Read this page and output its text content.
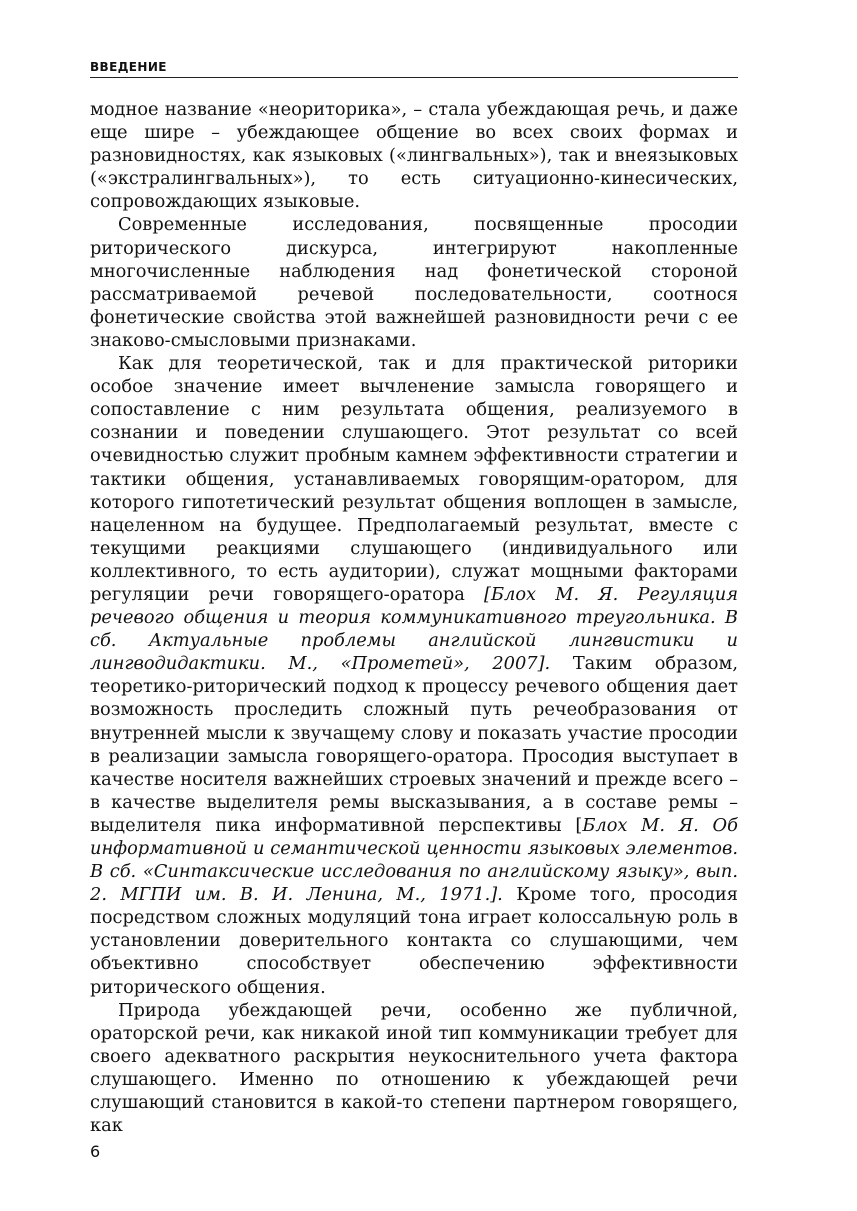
ВВЕДЕНИЕ

модное название «неориторика», – стала убеждающая речь, и даже еще шире – убеждающее общение во всех своих формах и разновидностях, как языковых («лингвальных»), так и внеязыковых («экстралингвальных»), то есть ситуационно-кинесических, сопровождающих языковые.

Современные исследования, посвященные просодии риторического дискурса, интегрируют накопленные многочисленные наблюдения над фонетической стороной рассматриваемой речевой последовательности, соотнося фонетические свойства этой важнейшей разновидности речи с ее знаково-смысловыми признаками.

Как для теоретической, так и для практической риторики особое значение имеет вычленение замысла говорящего и сопоставление с ним результата общения, реализуемого в сознании и поведении слушающего. Этот результат со всей очевидностью служит пробным камнем эффективности стратегии и тактики общения, устанавливаемых говорящим-оратором, для которого гипотетический результат общения воплощен в замысле, нацеленном на будущее. Предполагаемый результат, вместе с текущими реакциями слушающего (индивидуального или коллективного, то есть аудитории), служат мощными факторами регуляции речи говорящего-оратора [Блох М. Я. Регуляция речевого общения и теория коммуникативного треугольника. В сб. Актуальные проблемы английской лингвистики и лингводидактики. М., «Прометей», 2007]. Таким образом, теоретико-риторический подход к процессу речевого общения дает возможность проследить сложный путь речеобразования от внутренней мысли к звучащему слову и показать участие просодии в реализации замысла говорящего-оратора. Просодия выступает в качестве носителя важнейших строевых значений и прежде всего – в качестве выделителя ремы высказывания, а в составе ремы – выделителя пика информативной перспективы [Блох М. Я. Об информативной и семантической ценности языковых элементов. В сб. «Синтаксические исследования по английскому языку», вып. 2. МГПИ им. В. И. Ленина, М., 1971.]. Кроме того, просодия посредством сложных модуляций тона играет колоссальную роль в установлении доверительного контакта со слушающими, чем объективно способствует обеспечению эффективности риторического общения.

Природа убеждающей речи, особенно же публичной, ораторской речи, как никакой иной тип коммуникации требует для своего адекватного раскрытия неукоснительного учета фактора слушающего. Именно по отношению к убеждающей речи слушающий становится в какой-то степени партнером говорящего, как

6
